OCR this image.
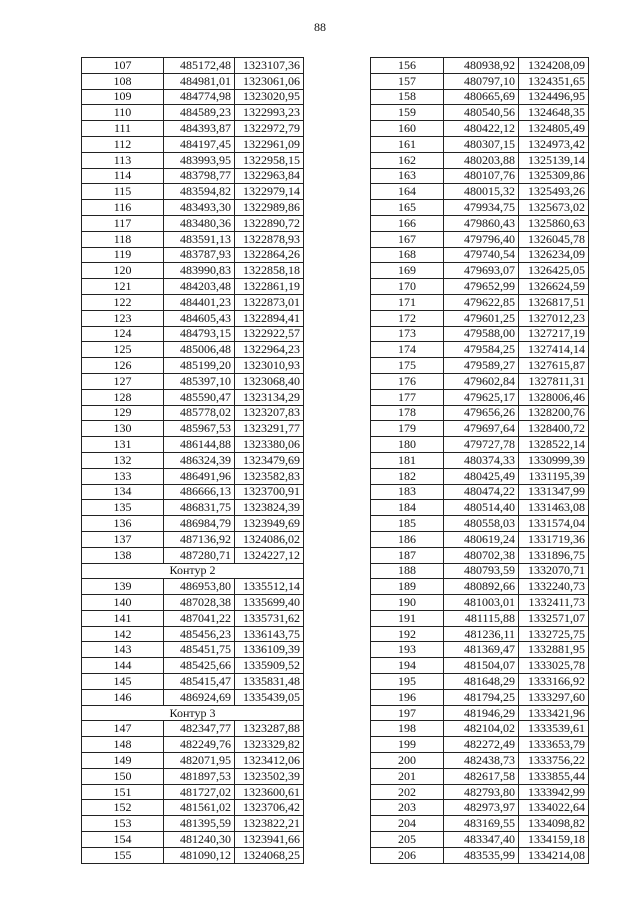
88
107	485172,48	1323107,36
108	484981,01	1323061,06
109	484774,98	1323020,95
110	484589,23	1322993,23
111	484393,87	1322972,79
112	484197,45	1322961,09
113	483993,95	1322958,15
114	483798,77	1322963,84
115	483594,82	1322979,14
116	483493,30	1322989,86
117	483480,36	1322890,72
118	483591,13	1322878,93
119	483787,93	1322864,26
120	483990,83	1322858,18
121	484203,48	1322861,19
122	484401,23	1322873,01
123	484605,43	1322894,41
124	484793,15	1322922,57
125	485006,48	1322964,23
126	485199,20	1323010,93
127	485397,10	1323068,40
128	485590,47	1323134,29
129	485778,02	1323207,83
130	485967,53	1323291,77
131	486144,88	1323380,06
132	486324,39	1323479,69
133	486491,96	1323582,83
134	486666,13	1323700,91
135	486831,75	1323824,39
136	486984,79	1323949,69
137	487136,92	1324086,02
138	487280,71	1324227,12
Контур 2		
139	486953,80	1335512,14
140	487028,38	1335699,40
141	487041,22	1335731,62
142	485456,23	1336143,75
143	485451,75	1336109,39
144	485425,66	1335909,52
145	485415,47	1335831,48
146	486924,69	1335439,05
Контур 3		
147	482347,77	1323287,88
148	482249,76	1323329,82
149	482071,95	1323412,06
150	481897,53	1323502,39
151	481727,02	1323600,61
152	481561,02	1323706,42
153	481395,59	1323822,21
154	481240,30	1323941,66
155	481090,12	1324068,25
156	480938,92	1324208,09
157	480797,10	1324351,65
158	480665,69	1324496,95
159	480540,56	1324648,35
160	480422,12	1324805,49
161	480307,15	1324973,42
162	480203,88	1325139,14
163	480107,76	1325309,86
164	480015,32	1325493,26
165	479934,75	1325673,02
166	479860,43	1325860,63
167	479796,40	1326045,78
168	479740,54	1326234,09
169	479693,07	1326425,05
170	479652,99	1326624,59
171	479622,85	1326817,51
172	479601,25	1327012,23
173	479588,00	1327217,19
174	479584,25	1327414,14
175	479589,27	1327615,87
176	479602,84	1327811,31
177	479625,17	1328006,46
178	479656,26	1328200,76
179	479697,64	1328400,72
180	479727,78	1328522,14
181	480374,33	1330999,39
182	480425,49	1331195,39
183	480474,22	1331347,99
184	480514,40	1331463,08
185	480558,03	1331574,04
186	480619,24	1331719,36
187	480702,38	1331896,75
188	480793,59	1332070,71
189	480892,66	1332240,73
190	481003,01	1332411,73
191	481115,88	1332571,07
192	481236,11	1332725,75
193	481369,47	1332881,95
194	481504,07	1333025,78
195	481648,29	1333166,92
196	481794,25	1333297,60
197	481946,29	1333421,96
198	482104,02	1333539,61
199	482272,49	1333653,79
200	482438,73	1333756,22
201	482617,58	1333855,44
202	482793,80	1333942,99
203	482973,97	1334022,64
204	483169,55	1334098,82
205	483347,40	1334159,18
206	483535,99	1334214,08
